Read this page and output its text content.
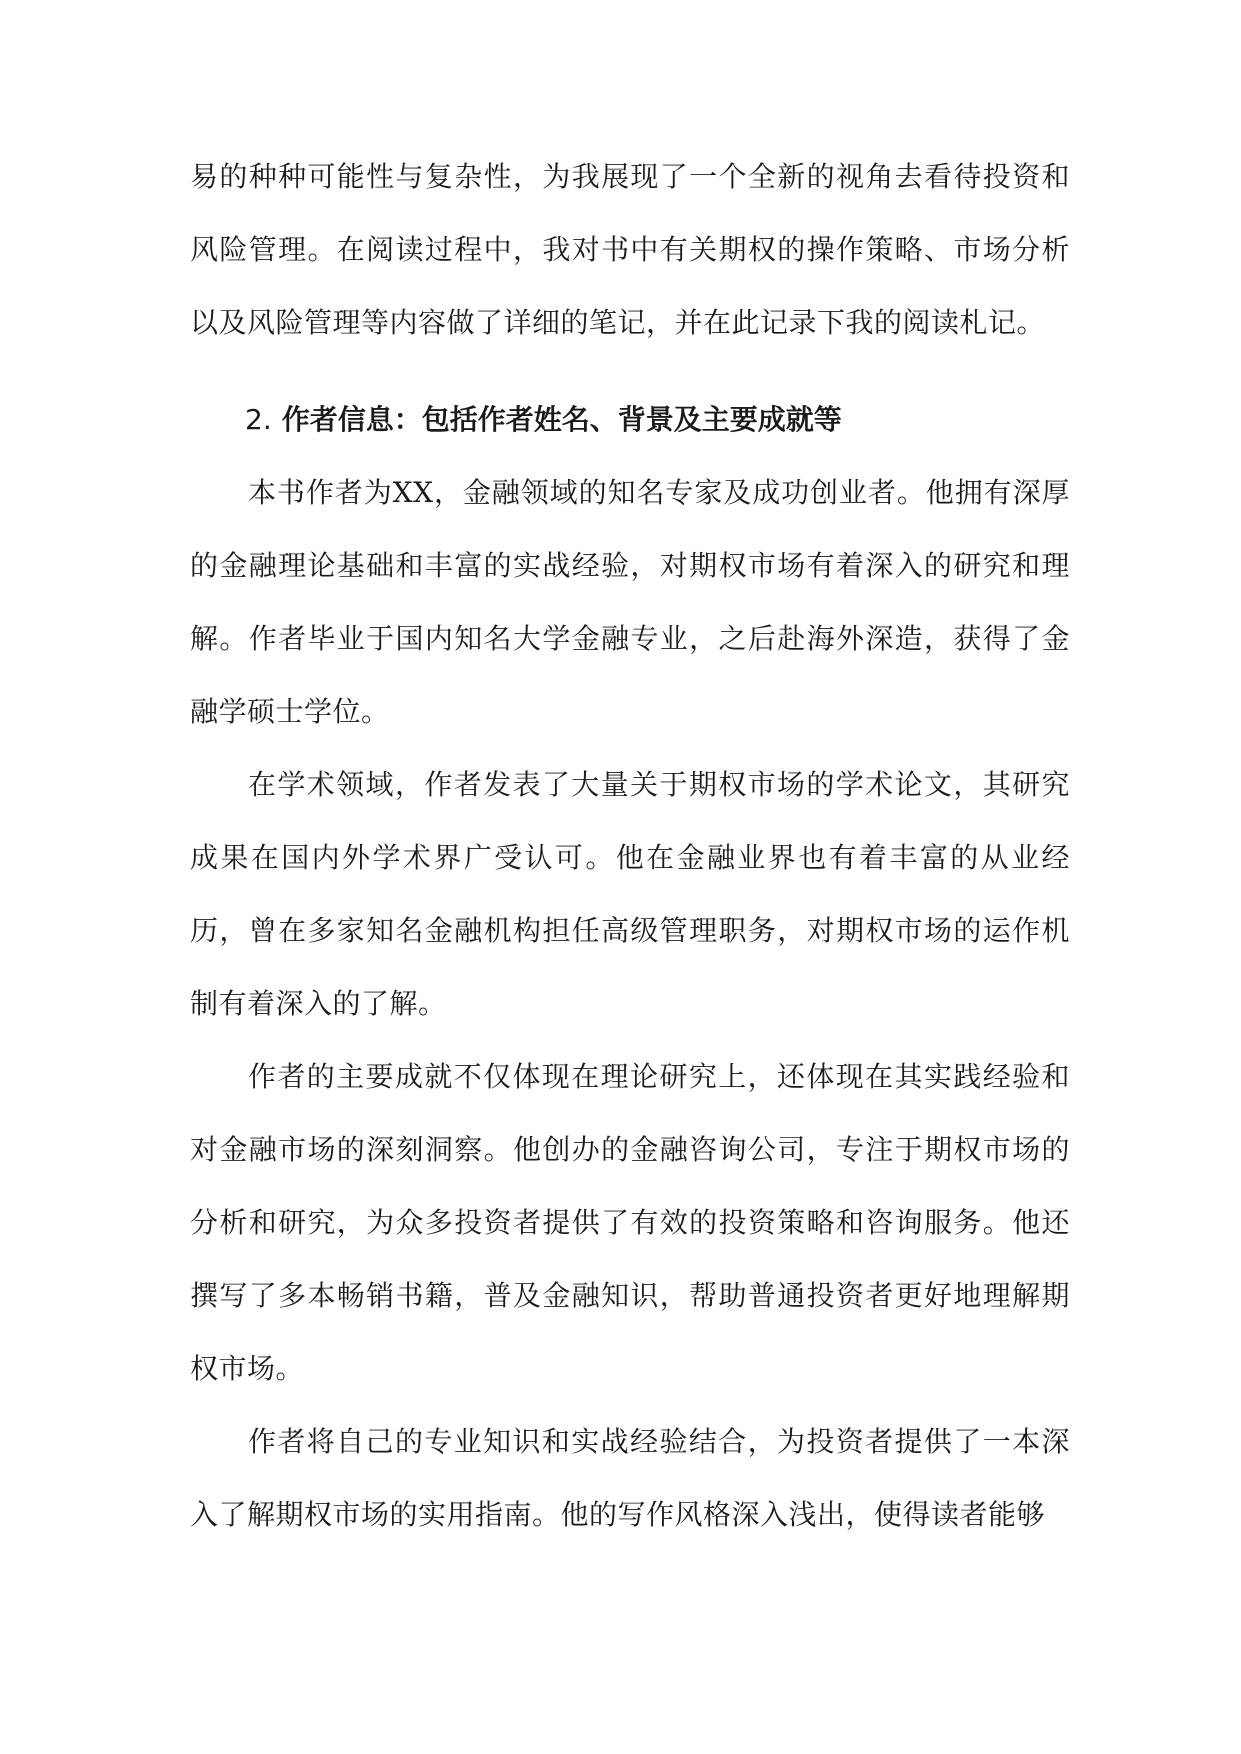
易的种种可能性与复杂性，为我展现了一个全新的视角去看待投资和风险管理。在阅读过程中，我对书中有关期权的操作策略、市场分析以及风险管理等内容做了详细的笔记，并在此记录下我的阅读札记。

2. 作者信息：包括作者姓名、背景及主要成就等

本书作者为XX，金融领域的知名专家及成功创业者。他拥有深厚的金融理论基础和丰富的实战经验，对期权市场有着深入的研究和理解。作者毕业于国内知名大学金融专业，之后赴海外深造，获得了金融学硕士学位。

在学术领域，作者发表了大量关于期权市场的学术论文，其研究成果在国内外学术界广受认可。他在金融业界也有着丰富的从业经历，曾在多家知名金融机构担任高级管理职务，对期权市场的运作机制有着深入的了解。

作者的主要成就不仅体现在理论研究上，还体现在其实践经验和对金融市场的深刻洞察。他创办的金融咨询公司，专注于期权市场的分析和研究，为众多投资者提供了有效的投资策略和咨询服务。他还撰写了多本畅销书籍，普及金融知识，帮助普通投资者更好地理解期权市场。

作者将自己的专业知识和实战经验结合，为投资者提供了一本深入了解期权市场的实用指南。他的写作风格深入浅出，使得读者能够
